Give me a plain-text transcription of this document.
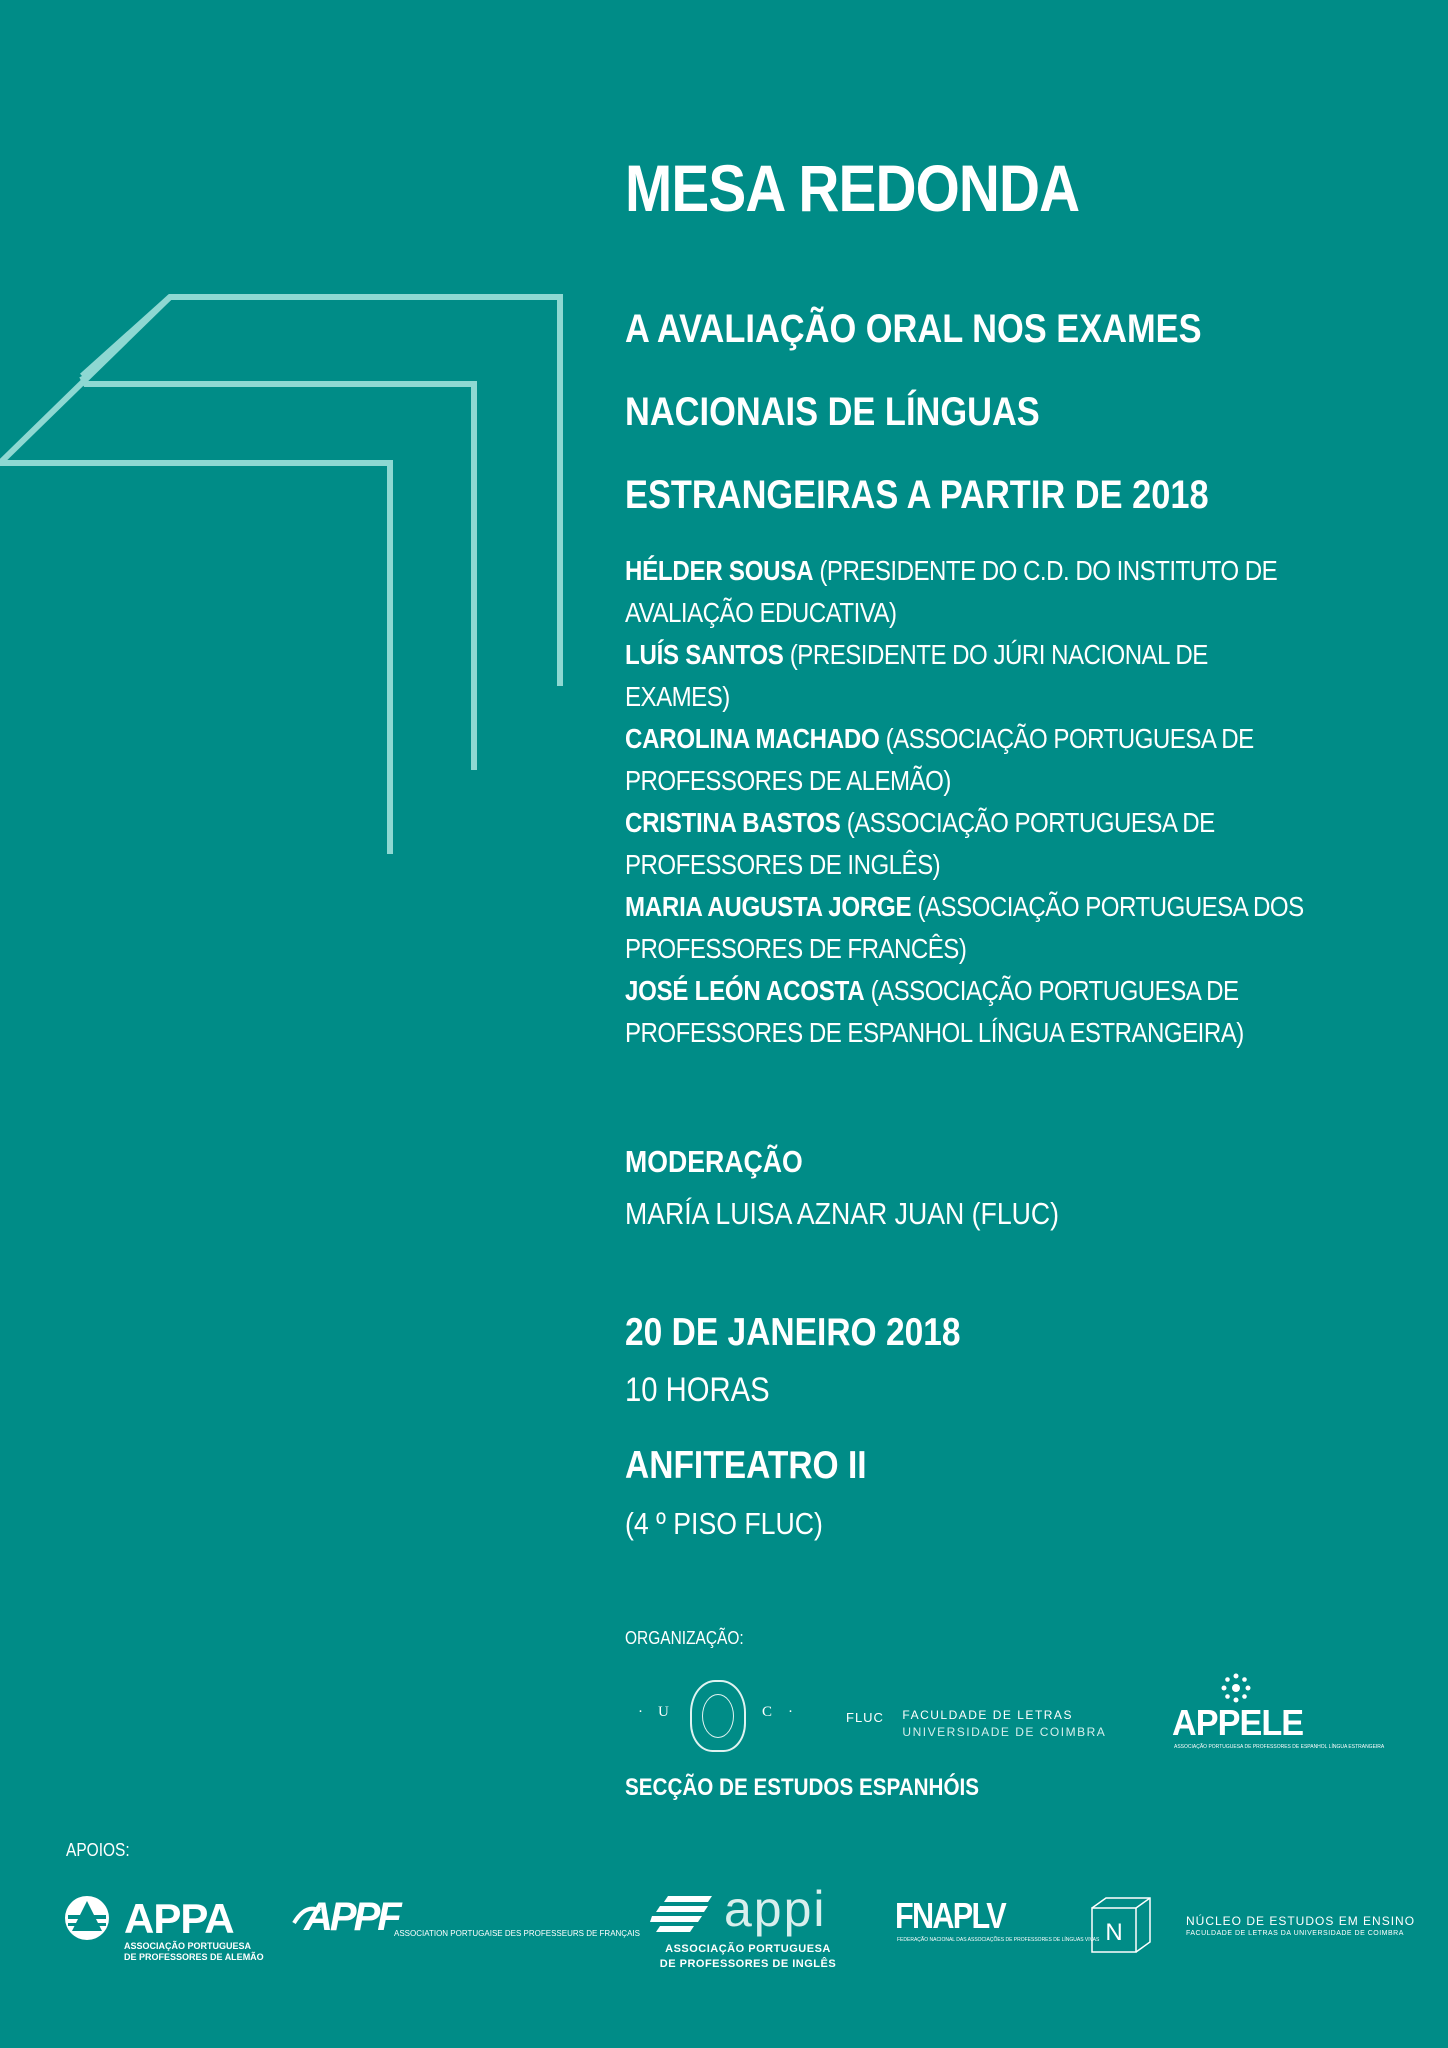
MESA REDONDA
A AVALIAÇÃO ORAL NOS EXAMES
NACIONAIS DE LÍNGUAS
ESTRANGEIRAS A PARTIR DE 2018
HÉLDER SOUSA (PRESIDENTE DO C.D. DO INSTITUTO DE
AVALIAÇÃO EDUCATIVA)
LUÍS SANTOS (PRESIDENTE DO JÚRI NACIONAL DE
EXAMES)
CAROLINA MACHADO (ASSOCIAÇÃO PORTUGUESA DE
PROFESSORES DE ALEMÃO)
CRISTINA BASTOS (ASSOCIAÇÃO PORTUGUESA DE
PROFESSORES DE INGLÊS)
MARIA AUGUSTA JORGE (ASSOCIAÇÃO PORTUGUESA DOS
PROFESSORES DE FRANCÊS)
JOSÉ LEÓN ACOSTA (ASSOCIAÇÃO PORTUGUESA DE
PROFESSORES DE ESPANHOL LÍNGUA ESTRANGEIRA)
MODERAÇÃO
MARÍA LUISA AZNAR JUAN (FLUC)
20 DE JANEIRO 2018
10 HORAS
ANFITEATRO II
(4 º PISO FLUC)
ORGANIZAÇÃO:
· U	C ·	FLUC FACULDADE DE LETRAS
UNIVERSIDADE DE COIMBRA APPELE
ASSOCIAÇÃO PORTUGUESA DE PROFESSORES DE ESPANHOL LÍNGUA ESTRANGEIRA
SECÇÃO DE ESTUDOS ESPANHÓIS
APOIOS:
APPA
ASSOCIAÇÃO PORTUGUESA
DE PROFESSORES DE ALEMÃO
APPF
ASSOCIATION PORTUGAISE DES PROFESSEURS DE FRANÇAIS appi
ASSOCIAÇÃO PORTUGUESA
DE PROFESSORES DE INGLÊS
FNAPLV
FEDERAÇÃO NACIONAL DAS ASSOCIAÇÕES DE PROFESSORES DE LÍNGUAS VIVAS N	NÚCLEO DE ESTUDOS EM ENSINO
FACULDADE DE LETRAS DA UNIVERSIDADE DE COIMBRA
